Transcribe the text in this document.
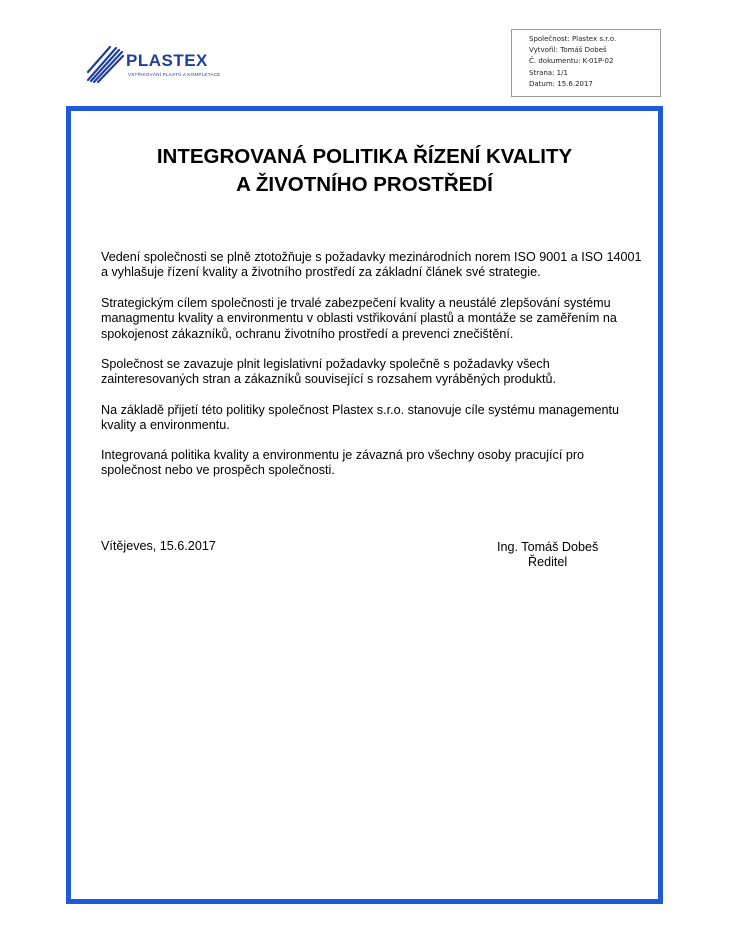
PLASTEX
VSTŘIKOVÁNÍ PLASTŮ A KOMPLETACE
Společnost: Plastex s.r.o.
Vytvořil: Tomáš Dobeš
Č. dokumentu: K-01P-02
Strana: 1/1
Datum: 15.6.2017
INTEGROVANÁ POLITIKA ŘÍZENÍ KVALITY
A ŽIVOTNÍHO PROSTŘEDÍ
Vedení společnosti se plně ztotožňuje s požadavky mezinárodních norem ISO 9001 a ISO 14001 a vyhlašuje řízení kvality a životního prostředí za základní článek své strategie.
Strategickým cílem společnosti je trvalé zabezpečení kvality a neustálé zlepšování systému managmentu kvality a environmentu v oblasti vstřikování plastů a montáže se zaměřením na spokojenost zákazníků, ochranu životního prostředí a prevenci znečištění.
Společnost se zavazuje plnit legislativní požadavky společně s požadavky všech zainteresovaných stran a zákazníků související s rozsahem vyráběných produktů.
Na základě přijetí této politiky společnost Plastex s.r.o. stanovuje cíle systému managementu kvality a environmentu.
Integrovaná politika kvality a environmentu je závazná pro všechny osoby pracující pro společnost nebo ve prospěch společnosti.
Vítějeves, 15.6.2017	Ing. Tomáš Dobeš
Ředitel
